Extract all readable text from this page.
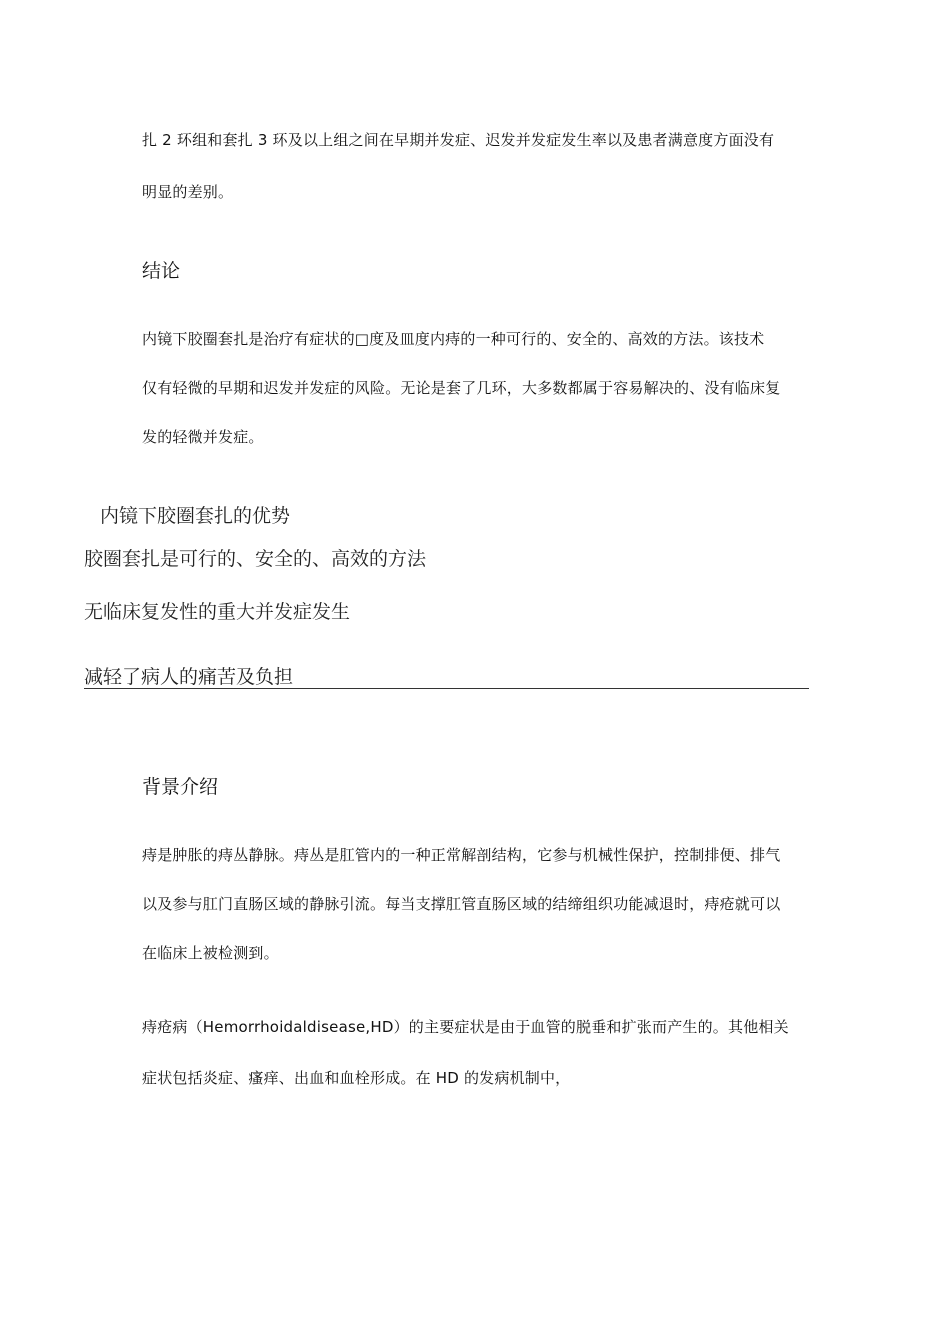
扎 2 环组和套扎 3 环及以上组之间在早期并发症、迟发并发症发生率以及患者满意度方面没有
明显的差别。
结论
内镜下胶圈套扎是治疗有症状的□度及皿度内痔的一种可行的、安全的、高效的方法。该技术
仅有轻微的早期和迟发并发症的风险。无论是套了几环，大多数都属于容易解决的、没有临床复
发的轻微并发症。
内镜下胶圈套扎的优势
胶圈套扎是可行的、安全的、高效的方法
无临床复发性的重大并发症发生
减轻了病人的痛苦及负担
背景介绍
痔是肿胀的痔丛静脉。痔丛是肛管内的一种正常解剖结构，它参与机械性保护，控制排便、排气
以及参与肛门直肠区域的静脉引流。每当支撑肛管直肠区域的结缔组织功能减退时，痔疮就可以
在临床上被检测到。
痔疮病（Hemorrhoidaldisease,HD）的主要症状是由于血管的脱垂和扩张而产生的。其他相关
症状包括炎症、瘙痒、出血和血栓形成。在 HD 的发病机制中，
